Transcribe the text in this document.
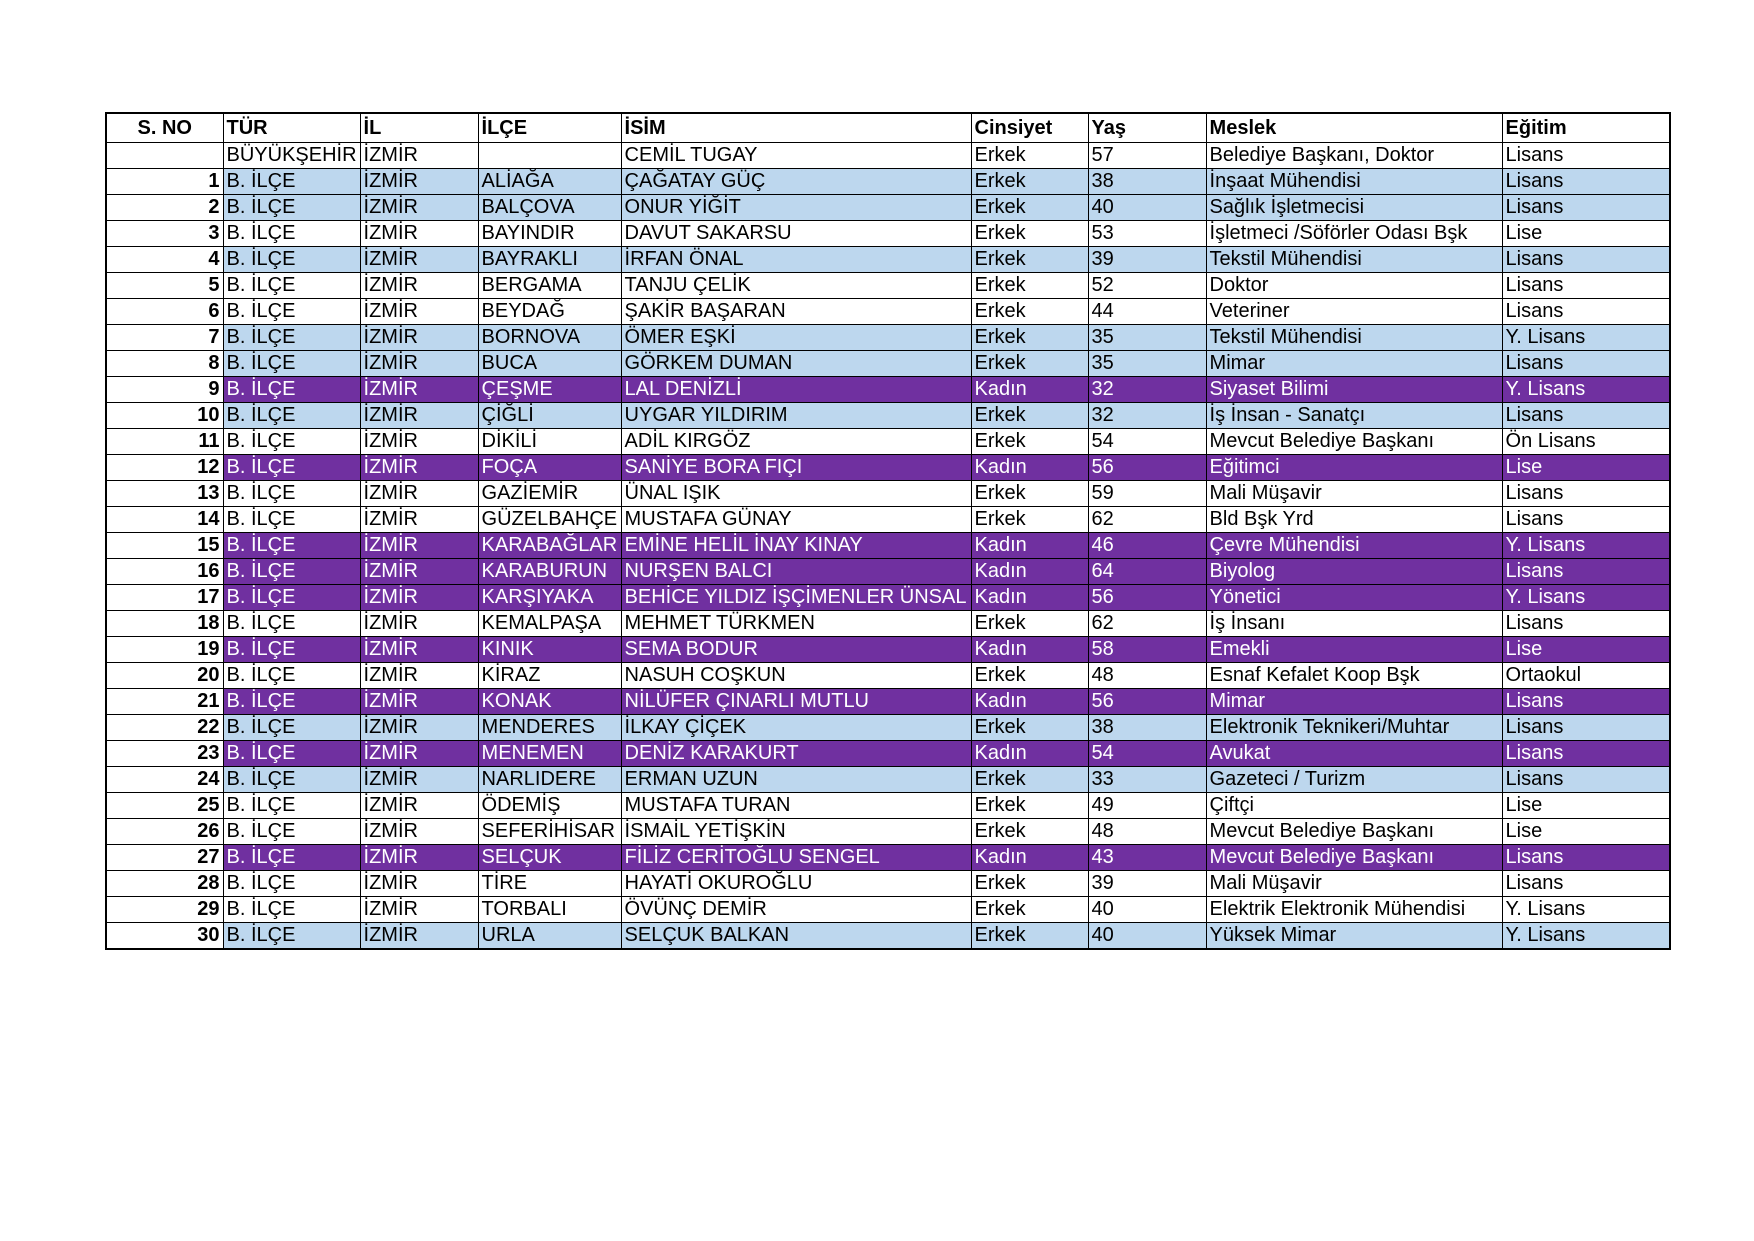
S. NO	TÜR	İL	İLÇE	İSİM	Cinsiyet	Yaş	Meslek	Eğitim
	BÜYÜKŞEHİR	İZMİR		CEMİL TUGAY	Erkek	57	Belediye Başkanı, Doktor	Lisans
1	B. İLÇE	İZMİR	ALİAĞA	ÇAĞATAY GÜÇ	Erkek	38	İnşaat Mühendisi	Lisans
2	B. İLÇE	İZMİR	BALÇOVA	ONUR YİĞİT	Erkek	40	Sağlık İşletmecisi	Lisans
3	B. İLÇE	İZMİR	BAYINDIR	DAVUT SAKARSU	Erkek	53	İşletmeci /Söförler Odası Bşk	Lise
4	B. İLÇE	İZMİR	BAYRAKLI	İRFAN ÖNAL	Erkek	39	Tekstil Mühendisi	Lisans
5	B. İLÇE	İZMİR	BERGAMA	TANJU ÇELİK	Erkek	52	Doktor	Lisans
6	B. İLÇE	İZMİR	BEYDAĞ	ŞAKİR BAŞARAN	Erkek	44	Veteriner	Lisans
7	B. İLÇE	İZMİR	BORNOVA	ÖMER EŞKİ	Erkek	35	Tekstil Mühendisi	Y. Lisans
8	B. İLÇE	İZMİR	BUCA	GÖRKEM DUMAN	Erkek	35	Mimar	Lisans
9	B. İLÇE	İZMİR	ÇEŞME	LAL DENİZLİ	Kadın	32	Siyaset Bilimi	Y. Lisans
10	B. İLÇE	İZMİR	ÇİĞLİ	UYGAR YILDIRIM	Erkek	32	İş İnsan - Sanatçı	Lisans
11	B. İLÇE	İZMİR	DİKİLİ	ADİL KIRGÖZ	Erkek	54	Mevcut Belediye Başkanı	Ön Lisans
12	B. İLÇE	İZMİR	FOÇA	SANİYE BORA FIÇI	Kadın	56	Eğitimci	Lise
13	B. İLÇE	İZMİR	GAZİEMİR	ÜNAL IŞIK	Erkek	59	Mali Müşavir	Lisans
14	B. İLÇE	İZMİR	GÜZELBAHÇE	MUSTAFA GÜNAY	Erkek	62	Bld Bşk Yrd	Lisans
15	B. İLÇE	İZMİR	KARABAĞLAR	EMİNE HELİL İNAY KINAY	Kadın	46	Çevre Mühendisi	Y. Lisans
16	B. İLÇE	İZMİR	KARABURUN	NURŞEN BALCI	Kadın	64	Biyolog	Lisans
17	B. İLÇE	İZMİR	KARŞIYAKA	BEHİCE YILDIZ İŞÇİMENLER ÜNSAL	Kadın	56	Yönetici	Y. Lisans
18	B. İLÇE	İZMİR	KEMALPAŞA	MEHMET TÜRKMEN	Erkek	62	İş İnsanı	Lisans
19	B. İLÇE	İZMİR	KINIK	SEMA BODUR	Kadın	58	Emekli	Lise
20	B. İLÇE	İZMİR	KİRAZ	NASUH COŞKUN	Erkek	48	Esnaf Kefalet Koop Bşk	Ortaokul
21	B. İLÇE	İZMİR	KONAK	NİLÜFER ÇINARLI MUTLU	Kadın	56	Mimar	Lisans
22	B. İLÇE	İZMİR	MENDERES	İLKAY ÇİÇEK	Erkek	38	Elektronik Teknikeri/Muhtar	Lisans
23	B. İLÇE	İZMİR	MENEMEN	DENİZ KARAKURT	Kadın	54	Avukat	Lisans
24	B. İLÇE	İZMİR	NARLIDERE	ERMAN UZUN	Erkek	33	Gazeteci / Turizm	Lisans
25	B. İLÇE	İZMİR	ÖDEMİŞ	MUSTAFA TURAN	Erkek	49	Çiftçi	Lise
26	B. İLÇE	İZMİR	SEFERİHİSAR	İSMAİL YETİŞKİN	Erkek	48	Mevcut Belediye Başkanı	Lise
27	B. İLÇE	İZMİR	SELÇUK	FİLİZ CERİTOĞLU SENGEL	Kadın	43	Mevcut Belediye Başkanı	Lisans
28	B. İLÇE	İZMİR	TİRE	HAYATİ OKUROĞLU	Erkek	39	Mali Müşavir	Lisans
29	B. İLÇE	İZMİR	TORBALI	ÖVÜNÇ DEMİR	Erkek	40	Elektrik Elektronik Mühendisi	Y. Lisans
30	B. İLÇE	İZMİR	URLA	SELÇUK BALKAN	Erkek	40	Yüksek Mimar	Y. Lisans
